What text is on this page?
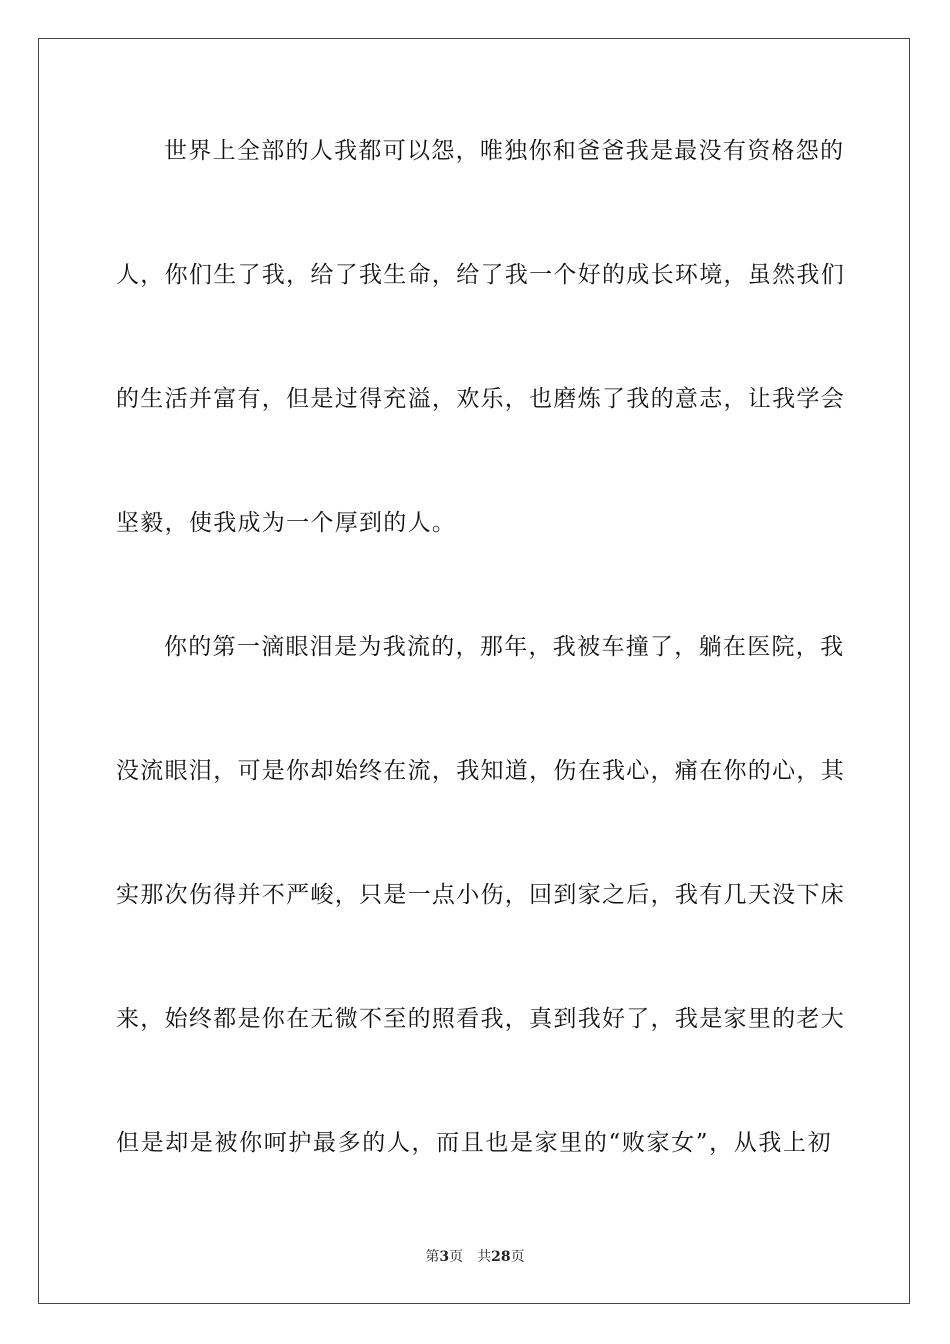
世界上全部的人我都可以怨，唯独你和爸爸我是最没有资格怨的
人，你们生了我，给了我生命，给了我一个好的成长环境，虽然我们
的生活并富有，但是过得充溢，欢乐，也磨炼了我的意志，让我学会
坚毅，使我成为一个厚到的人。
你的第一滴眼泪是为我流的，那年，我被车撞了，躺在医院，我
没流眼泪，可是你却始终在流，我知道，伤在我心，痛在你的心，其
实那次伤得并不严峻，只是一点小伤，回到家之后，我有几天没下床
来，始终都是你在无微不至的照看我，真到我好了，我是家里的老大
但是却是被你呵护最多的人，而且也是家里的“败家女”，从我上初
第3页 共28页
